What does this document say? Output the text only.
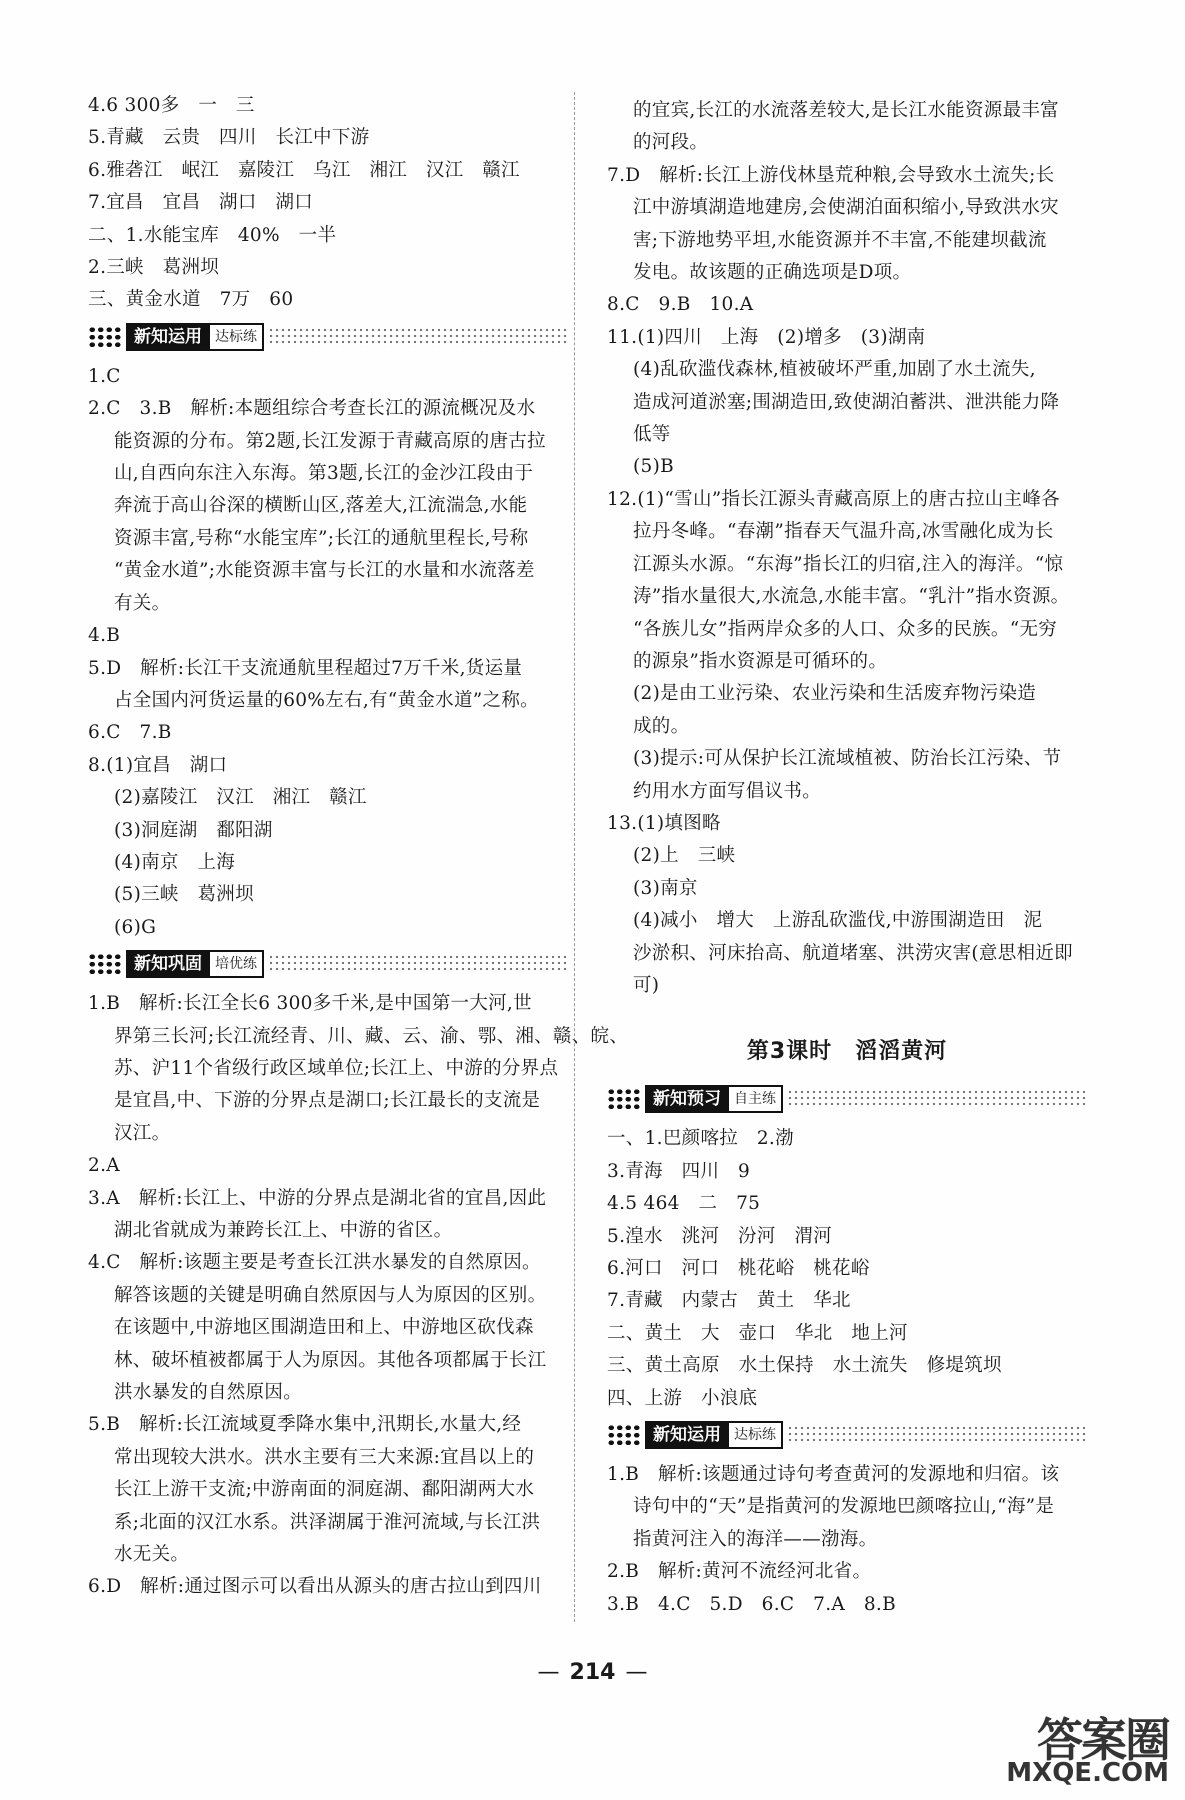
4.6 300多　一　三
5.青藏　云贵　四川　长江中下游
6.雅砻江　岷江　嘉陵江　乌江　湘江　汉江　赣江
7.宜昌　宜昌　湖口　湖口
二、1.水能宝库　40%　一半
2.三峡　葛洲坝
三、黄金水道　7万　60
新知运用 达标练
1.C
2.C　3.B　解析:本题组综合考查长江的源流概况及水
能资源的分布。第2题,长江发源于青藏高原的唐古拉
山,自西向东注入东海。第3题,长江的金沙江段由于
奔流于高山谷深的横断山区,落差大,江流湍急,水能
资源丰富,号称“水能宝库”;长江的通航里程长,号称
“黄金水道”;水能资源丰富与长江的水量和水流落差
有关。
4.B
5.D　解析:长江干支流通航里程超过7万千米,货运量
占全国内河货运量的60%左右,有“黄金水道”之称。
6.C　7.B
8.(1)宜昌　湖口
(2)嘉陵江　汉江　湘江　赣江
(3)洞庭湖　鄱阳湖
(4)南京　上海
(5)三峡　葛洲坝
(6)G
新知巩固 培优练
1.B　解析:长江全长6 300多千米,是中国第一大河,世
界第三长河;长江流经青、川、藏、云、渝、鄂、湘、赣、皖、
苏、沪11个省级行政区域单位;长江上、中游的分界点
是宜昌,中、下游的分界点是湖口;长江最长的支流是
汉江。
2.A
3.A　解析:长江上、中游的分界点是湖北省的宜昌,因此
湖北省就成为兼跨长江上、中游的省区。
4.C　解析:该题主要是考查长江洪水暴发的自然原因。
解答该题的关键是明确自然原因与人为原因的区别。
在该题中,中游地区围湖造田和上、中游地区砍伐森
林、破坏植被都属于人为原因。其他各项都属于长江
洪水暴发的自然原因。
5.B　解析:长江流域夏季降水集中,汛期长,水量大,经
常出现较大洪水。洪水主要有三大来源:宜昌以上的
长江上游干支流;中游南面的洞庭湖、鄱阳湖两大水
系;北面的汉江水系。洪泽湖属于淮河流域,与长江洪
水无关。
6.D　解析:通过图示可以看出从源头的唐古拉山到四川
的宜宾,长江的水流落差较大,是长江水能资源最丰富
的河段。
7.D　解析:长江上游伐林垦荒种粮,会导致水土流失;长
江中游填湖造地建房,会使湖泊面积缩小,导致洪水灾
害;下游地势平坦,水能资源并不丰富,不能建坝截流
发电。故该题的正确选项是D项。
8.C　9.B　10.A
11.(1)四川　上海　(2)增多　(3)湖南
(4)乱砍滥伐森林,植被破坏严重,加剧了水土流失,
造成河道淤塞;围湖造田,致使湖泊蓄洪、泄洪能力降
低等
(5)B
12.(1)“雪山”指长江源头青藏高原上的唐古拉山主峰各
拉丹冬峰。“春潮”指春天气温升高,冰雪融化成为长
江源头水源。“东海”指长江的归宿,注入的海洋。“惊
涛”指水量很大,水流急,水能丰富。“乳汁”指水资源。
“各族儿女”指两岸众多的人口、众多的民族。“无穷
的源泉”指水资源是可循环的。
(2)是由工业污染、农业污染和生活废弃物污染造
成的。
(3)提示:可从保护长江流域植被、防治长江污染、节
约用水方面写倡议书。
13.(1)填图略
(2)上　三峡
(3)南京
(4)减小　增大　上游乱砍滥伐,中游围湖造田　泥
沙淤积、河床抬高、航道堵塞、洪涝灾害(意思相近即
可)
第3课时　滔滔黄河
新知预习 自主练
一、1.巴颜喀拉　2.渤
3.青海　四川　9
4.5 464　二　75
5.湟水　洮河　汾河　渭河
6.河口　河口　桃花峪　桃花峪
7.青藏　内蒙古　黄土　华北
二、黄土　大　壶口　华北　地上河
三、黄土高原　水土保持　水土流失　修堤筑坝
四、上游　小浪底
新知运用 达标练
1.B　解析:该题通过诗句考查黄河的发源地和归宿。该
诗句中的“天”是指黄河的发源地巴颜喀拉山,“海”是
指黄河注入的海洋——渤海。
2.B　解析:黄河不流经河北省。
3.B　4.C　5.D　6.C　7.A　8.B
— 214 —
答案圈
MXQE.COM
